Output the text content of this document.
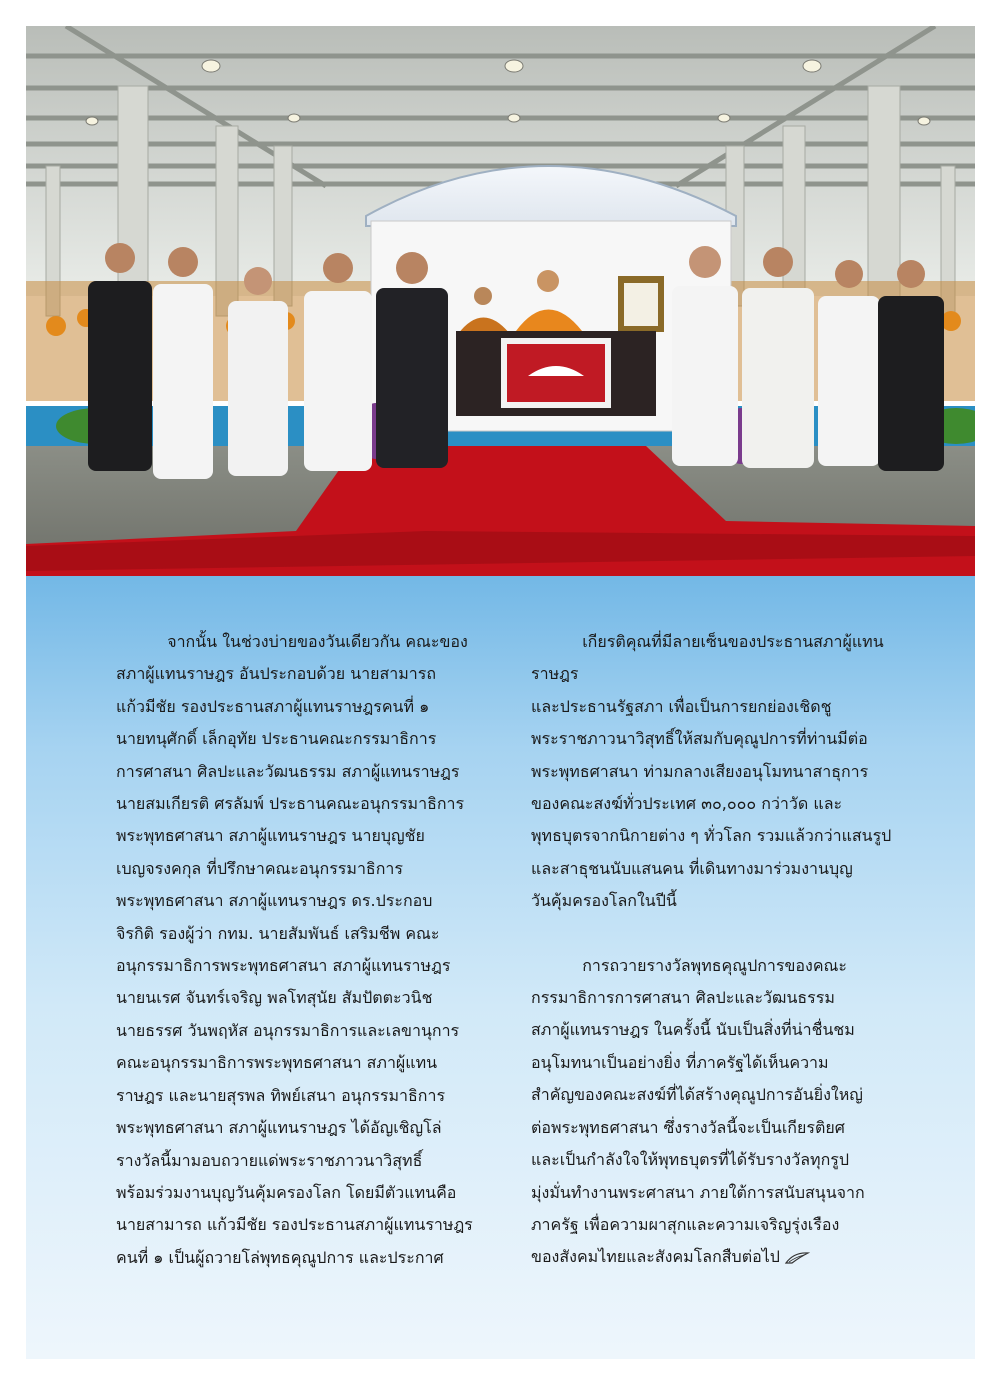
จากนั้น ในช่วงบ่ายของวันเดียวกัน คณะของ
สภาผู้แทนราษฎร อันประกอบด้วย นายสามารถ
แก้วมีชัย รองประธานสภาผู้แทนราษฎรคนที่ ๑
นายทนุศักดิ์ เล็กอุทัย ประธานคณะกรรมาธิการ
การศาสนา ศิลปะและวัฒนธรรม สภาผู้แทนราษฎร
นายสมเกียรติ ศรลัมพ์ ประธานคณะอนุกรรมาธิการ
พระพุทธศาสนา สภาผู้แทนราษฎร นายบุญชัย
เบญจรงคกุล ที่ปรึกษาคณะอนุกรรมาธิการ
พระพุทธศาสนา สภาผู้แทนราษฎร ดร.ประกอบ
จิรกิติ รองผู้ว่า กทม. นายสัมพันธ์ เสริมชีพ คณะ
อนุกรรมาธิการพระพุทธศาสนา สภาผู้แทนราษฎร
นายนเรศ จันทร์เจริญ พลโทสุนัย สัมปัตตะวนิช
นายธรรศ วันพฤหัส อนุกรรมาธิการและเลขานุการ
คณะอนุกรรมาธิการพระพุทธศาสนา สภาผู้แทน
ราษฎร และนายสุรพล ทิพย์เสนา อนุกรรมาธิการ
พระพุทธศาสนา สภาผู้แทนราษฎร ได้อัญเชิญโล่
รางวัลนี้มามอบถวายแด่พระราชภาวนาวิสุทธิ์
พร้อมร่วมงานบุญวันคุ้มครองโลก โดยมีตัวแทนคือ
นายสามารถ แก้วมีชัย รองประธานสภาผู้แทนราษฎร
คนที่ ๑ เป็นผู้ถวายโล่พุทธคุณูปการ และประกาศ

เกียรติคุณที่มีลายเซ็นของประธานสภาผู้แทนราษฎร
และประธานรัฐสภา เพื่อเป็นการยกย่องเชิดชู
พระราชภาวนาวิสุทธิ์ให้สมกับคุณูปการที่ท่านมีต่อ
พระพุทธศาสนา ท่ามกลางเสียงอนุโมทนาสาธุการ
ของคณะสงฆ์ทั่วประเทศ ๓๐,๐๐๐ กว่าวัด และ
พุทธบุตรจากนิกายต่าง ๆ ทั่วโลก รวมแล้วกว่าแสนรูป
และสาธุชนนับแสนคน ที่เดินทางมาร่วมงานบุญ
วันคุ้มครองโลกในปีนี้

การถวายรางวัลพุทธคุณูปการของคณะ
กรรมาธิการการศาสนา ศิลปะและวัฒนธรรม
สภาผู้แทนราษฎร ในครั้งนี้ นับเป็นสิ่งที่น่าชื่นชม
อนุโมทนาเป็นอย่างยิ่ง ที่ภาครัฐได้เห็นความ
สำคัญของคณะสงฆ์ที่ได้สร้างคุณูปการอันยิ่งใหญ่
ต่อพระพุทธศาสนา ซึ่งรางวัลนี้จะเป็นเกียรติยศ
และเป็นกำลังใจให้พุทธบุตรที่ได้รับรางวัลทุกรูป
มุ่งมั่นทำงานพระศาสนา ภายใต้การสนับสนุนจาก
ภาครัฐ เพื่อความผาสุกและความเจริญรุ่งเรือง
ของสังคมไทยและสังคมโลกสืบต่อไป
